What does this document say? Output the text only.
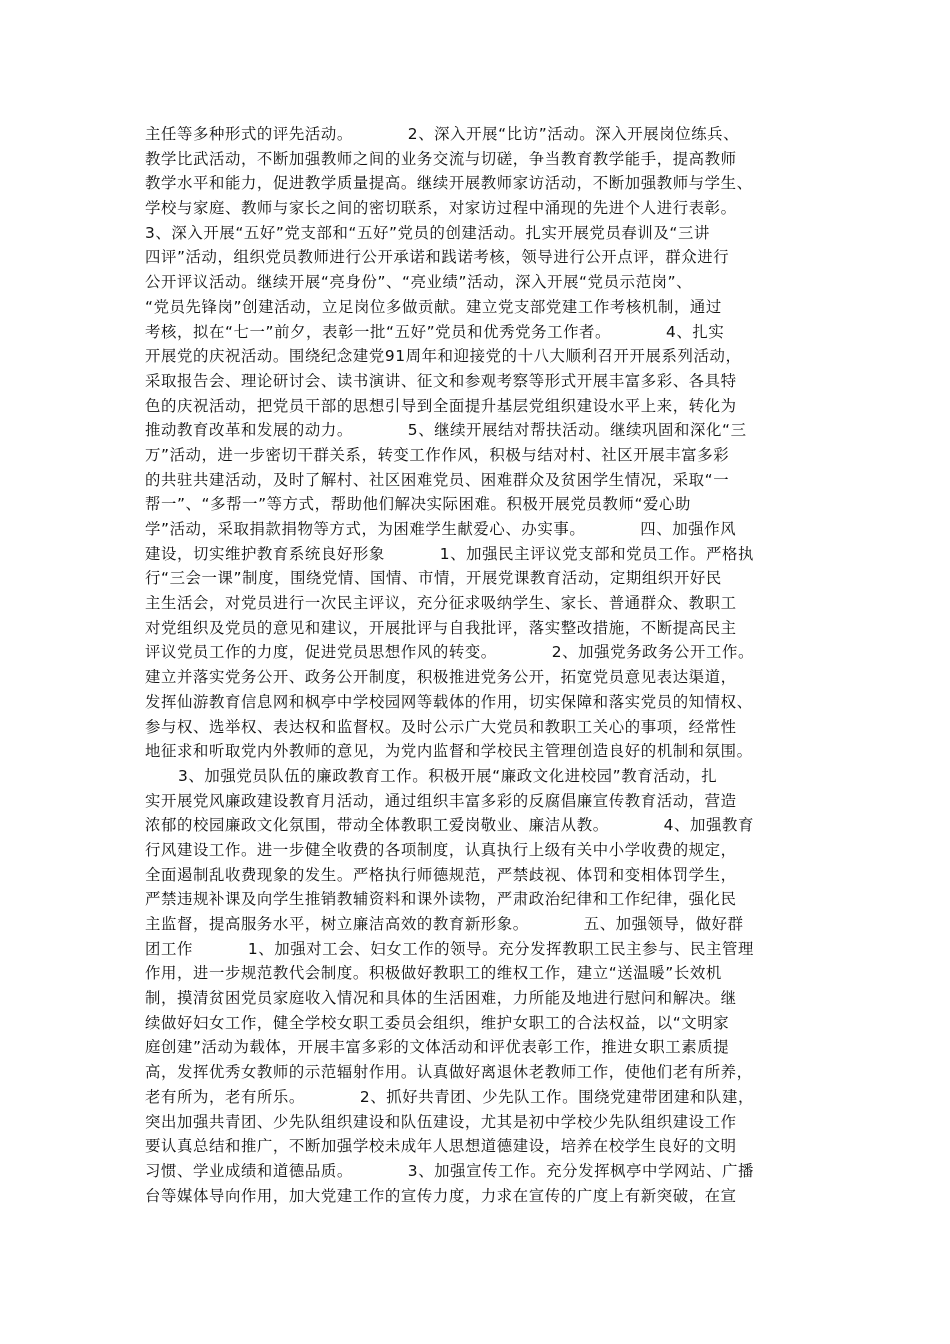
主任等多种形式的评先活动。          2、深入开展“比访”活动。深入开展岗位练兵、
教学比武活动，不断加强教师之间的业务交流与切磋，争当教育教学能手，提高教师
教学水平和能力，促进教学质量提高。继续开展教师家访活动，不断加强教师与学生、
学校与家庭、教师与家长之间的密切联系，对家访过程中涌现的先进个人进行表彰。
3、深入开展“五好”党支部和“五好”党员的创建活动。扎实开展党员春训及“三讲
四评”活动，组织党员教师进行公开承诺和践诺考核，领导进行公开点评，群众进行
公开评议活动。继续开展“亮身份”、“亮业绩”活动，深入开展“党员示范岗”、
“党员先锋岗”创建活动，立足岗位多做贡献。建立党支部党建工作考核机制，通过
考核，拟在“七一”前夕，表彰一批“五好”党员和优秀党务工作者。          4、扎实
开展党的庆祝活动。围绕纪念建党91周年和迎接党的十八大顺利召开开展系列活动，
采取报告会、理论研讨会、读书演讲、征文和参观考察等形式开展丰富多彩、各具特
色的庆祝活动，把党员干部的思想引导到全面提升基层党组织建设水平上来，转化为
推动教育改革和发展的动力。          5、继续开展结对帮扶活动。继续巩固和深化“三
万”活动，进一步密切干群关系，转变工作作风，积极与结对村、社区开展丰富多彩
的共驻共建活动，及时了解村、社区困难党员、困难群众及贫困学生情况，采取“一
帮一”、“多帮一”等方式，帮助他们解决实际困难。积极开展党员教师“爱心助
学”活动，采取捐款捐物等方式，为困难学生献爱心、办实事。          四、加强作风
建设，切实维护教育系统良好形象          1、加强民主评议党支部和党员工作。严格执
行“三会一课”制度，围绕党情、国情、市情，开展党课教育活动，定期组织开好民
主生活会，对党员进行一次民主评议，充分征求吸纳学生、家长、普通群众、教职工
对党组织及党员的意见和建议，开展批评与自我批评，落实整改措施，不断提高民主
评议党员工作的力度，促进党员思想作风的转变。          2、加强党务政务公开工作。
建立并落实党务公开、政务公开制度，积极推进党务公开，拓宽党员意见表达渠道，
发挥仙游教育信息网和枫亭中学校园网等载体的作用，切实保障和落实党员的知情权、
参与权、选举权、表达权和监督权。及时公示广大党员和教职工关心的事项，经常性
地征求和听取党内外教师的意见，为党内监督和学校民主管理创造良好的机制和氛围。
3、加强党员队伍的廉政教育工作。积极开展“廉政文化进校园”教育活动，扎
实开展党风廉政建设教育月活动，通过组织丰富多彩的反腐倡廉宣传教育活动，营造
浓郁的校园廉政文化氛围，带动全体教职工爱岗敬业、廉洁从教。          4、加强教育
行风建设工作。进一步健全收费的各项制度，认真执行上级有关中小学收费的规定，
全面遏制乱收费现象的发生。严格执行师德规范，严禁歧视、体罚和变相体罚学生，
严禁违规补课及向学生推销教辅资料和课外读物，严肃政治纪律和工作纪律，强化民
主监督，提高服务水平，树立廉洁高效的教育新形象。          五、加强领导，做好群
团工作          1、加强对工会、妇女工作的领导。充分发挥教职工民主参与、民主管理
作用，进一步规范教代会制度。积极做好教职工的维权工作，建立“送温暖”长效机
制，摸清贫困党员家庭收入情况和具体的生活困难，力所能及地进行慰问和解决。继
续做好妇女工作，健全学校女职工委员会组织，维护女职工的合法权益，以“文明家
庭创建”活动为载体，开展丰富多彩的文体活动和评优表彰工作，推进女职工素质提
高，发挥优秀女教师的示范辐射作用。认真做好离退休老教师工作，使他们老有所养，
老有所为，老有所乐。          2、抓好共青团、少先队工作。围绕党建带团建和队建，
突出加强共青团、少先队组织建设和队伍建设，尤其是初中学校少先队组织建设工作
要认真总结和推广，不断加强学校未成年人思想道德建设，培养在校学生良好的文明
习惯、学业成绩和道德品质。          3、加强宣传工作。充分发挥枫亭中学网站、广播
台等媒体导向作用，加大党建工作的宣传力度，力求在宣传的广度上有新突破，在宣
